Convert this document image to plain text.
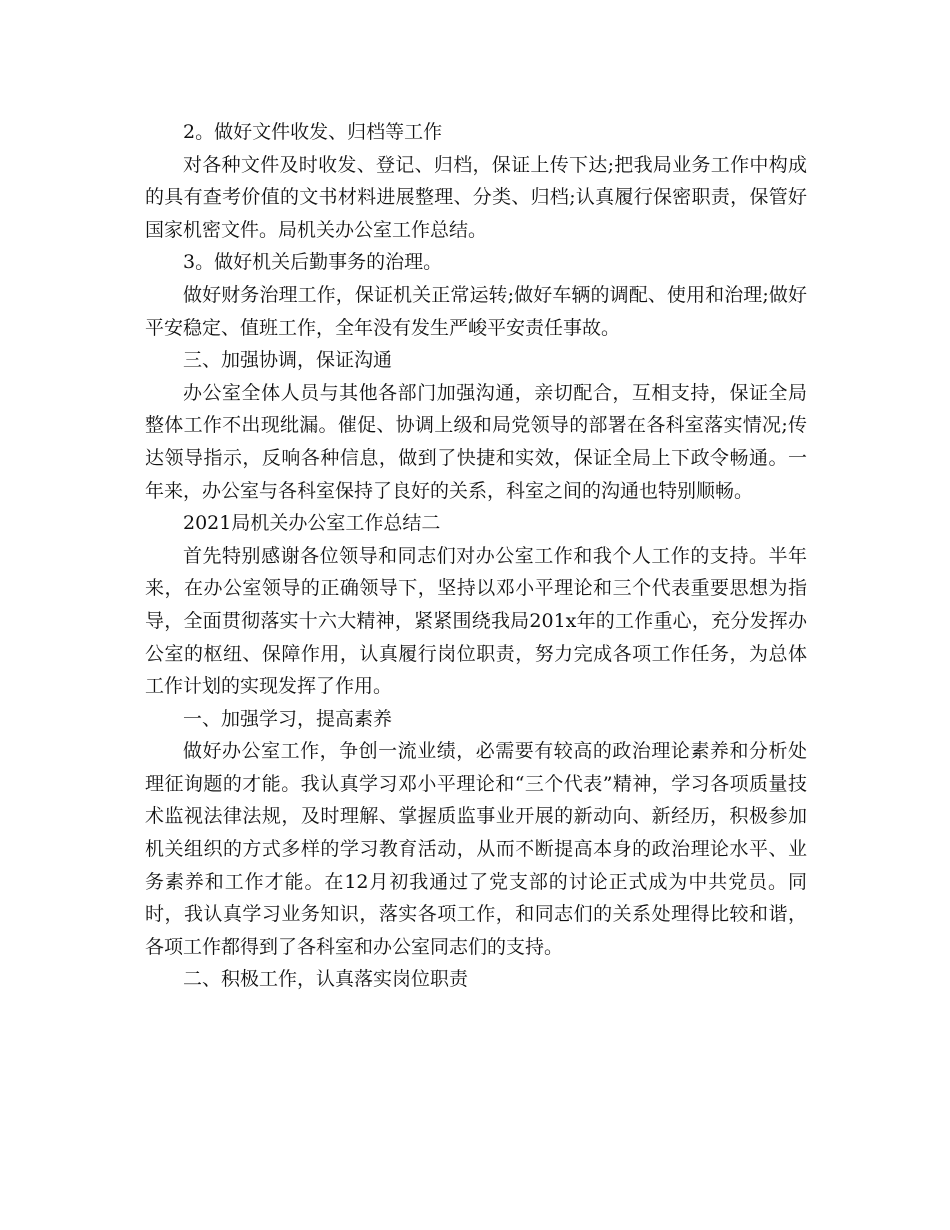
2。做好文件收发、归档等工作

对各种文件及时收发、登记、归档，保证上传下达;把我局业务工作中构成的具有查考价值的文书材料进展整理、分类、归档;认真履行保密职责，保管好国家机密文件。局机关办公室工作总结。

3。做好机关后勤事务的治理。

做好财务治理工作，保证机关正常运转;做好车辆的调配、使用和治理;做好平安稳定、值班工作，全年没有发生严峻平安责任事故。

三、加强协调，保证沟通

办公室全体人员与其他各部门加强沟通，亲切配合，互相支持，保证全局整体工作不出现纰漏。催促、协调上级和局党领导的部署在各科室落实情况;传达领导指示，反响各种信息，做到了快捷和实效，保证全局上下政令畅通。一年来，办公室与各科室保持了良好的关系，科室之间的沟通也特别顺畅。

2021局机关办公室工作总结二

首先特别感谢各位领导和同志们对办公室工作和我个人工作的支持。半年来，在办公室领导的正确领导下，坚持以邓小平理论和三个代表重要思想为指导，全面贯彻落实十六大精神，紧紧围绕我局201x年的工作重心，充分发挥办公室的枢纽、保障作用，认真履行岗位职责，努力完成各项工作任务，为总体工作计划的实现发挥了作用。

一、加强学习，提高素养

做好办公室工作，争创一流业绩，必需要有较高的政治理论素养和分析处理征询题的才能。我认真学习邓小平理论和“三个代表”精神，学习各项质量技术监视法律法规，及时理解、掌握质监事业开展的新动向、新经历，积极参加机关组织的方式多样的学习教育活动，从而不断提高本身的政治理论水平、业务素养和工作才能。在12月初我通过了党支部的讨论正式成为中共党员。同时，我认真学习业务知识，落实各项工作，和同志们的关系处理得比较和谐，各项工作都得到了各科室和办公室同志们的支持。

二、积极工作，认真落实岗位职责
